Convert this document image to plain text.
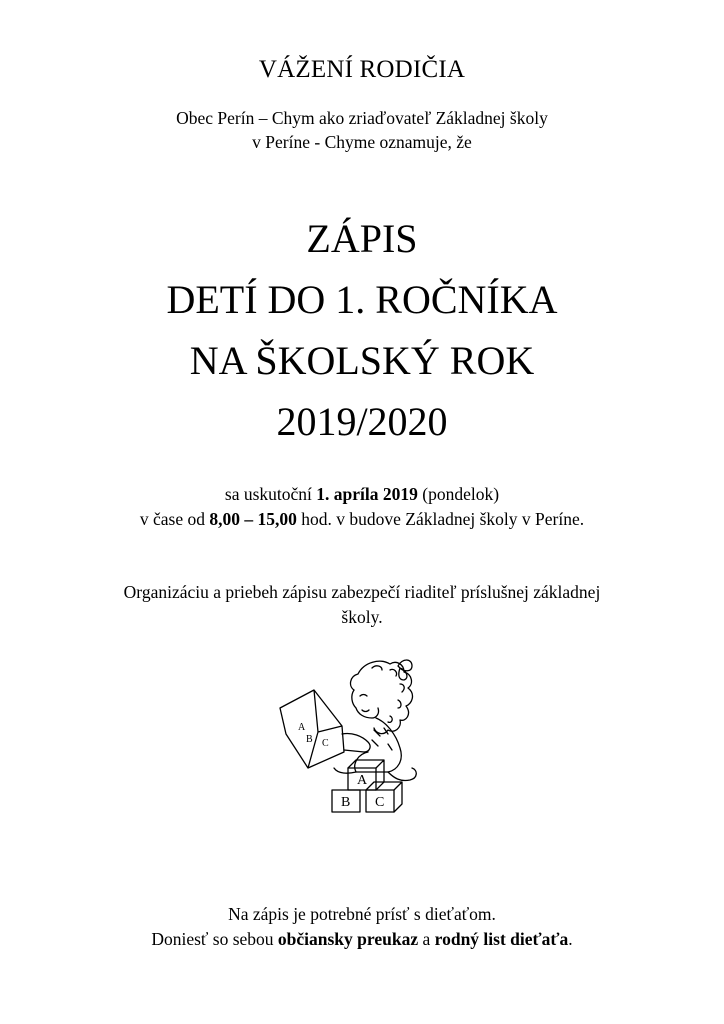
VÁŽENÍ RODIČIA
Obec Perín – Chym ako zriaďovateľ Základnej školy
v Períne - Chyme oznamuje, že
ZÁPIS
DETÍ DO 1. ROČNÍKA
NA ŠKOLSKÝ ROK
2019/2020
sa uskutoční 1. apríla 2019 (pondelok)
v čase od 8,00 – 15,00 hod. v budove Základnej školy v Períne.
Organizáciu a priebeh zápisu zabezpečí riaditeľ príslušnej základnej
školy.
A
B C
A
B C
Na zápis je potrebné prísť s dieťaťom.
Doniesť so sebou občiansky preukaz a rodný list dieťaťa.
